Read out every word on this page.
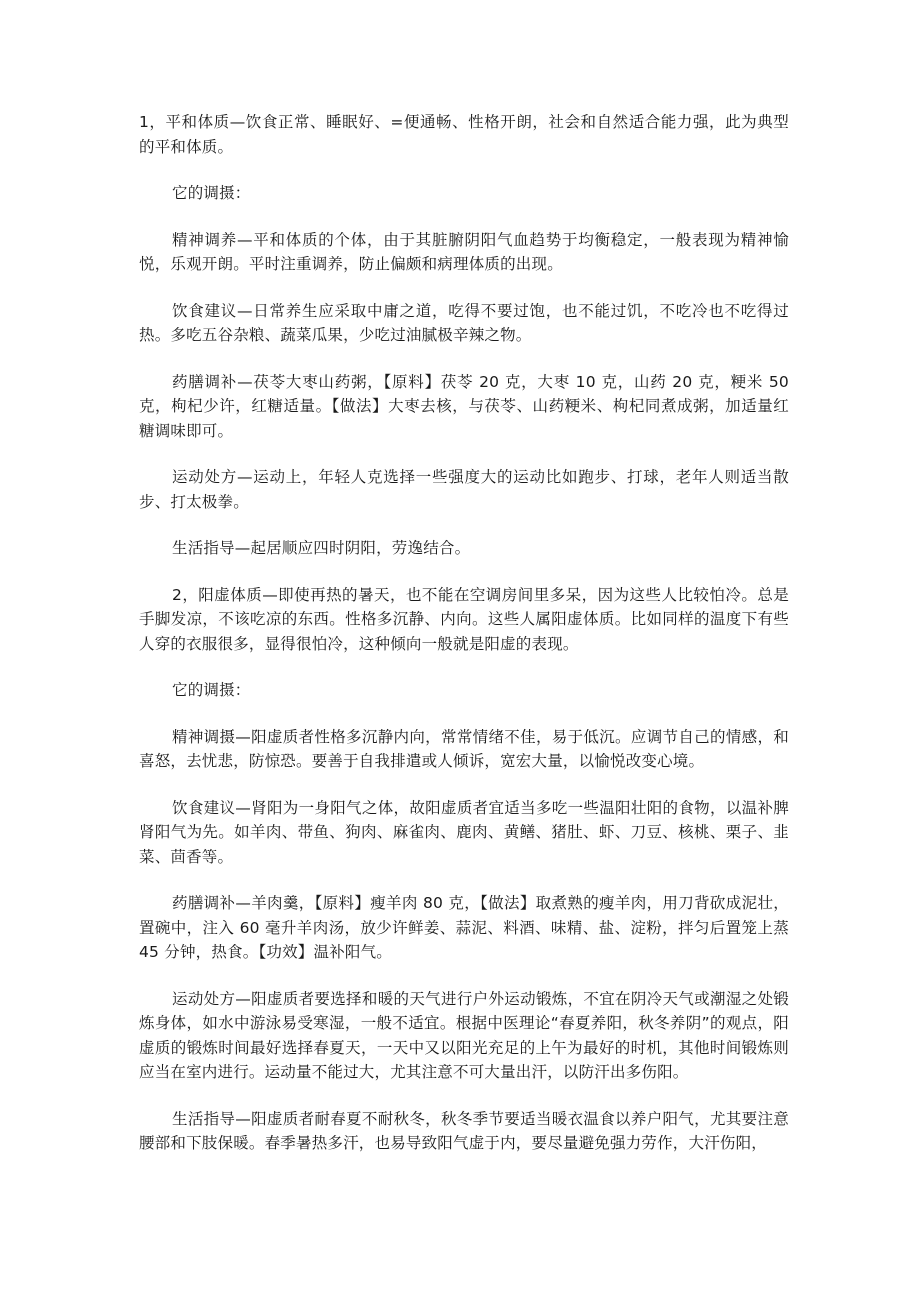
1，平和体质—饮食正常、睡眠好、=便通畅、性格开朗，社会和自然适合能力强，此为典型的平和体质。

它的调摄：

精神调养—平和体质的个体，由于其脏腑阴阳气血趋势于均衡稳定，一般表现为精神愉悦，乐观开朗。平时注重调养，防止偏颇和病理体质的出现。

饮食建议—日常养生应采取中庸之道，吃得不要过饱，也不能过饥，不吃冷也不吃得过热。多吃五谷杂粮、蔬菜瓜果，少吃过油腻极辛辣之物。

药膳调补—茯苓大枣山药粥，【原料】茯苓 20 克，大枣 10 克，山药 20 克，粳米 50 克，枸杞少许，红糖适量。【做法】大枣去核，与茯苓、山药粳米、枸杞同煮成粥，加适量红糖调味即可。

运动处方—运动上，年轻人克选择一些强度大的运动比如跑步、打球，老年人则适当散步、打太极拳。

生活指导—起居顺应四时阴阳，劳逸结合。

2，阳虚体质—即使再热的暑天，也不能在空调房间里多呆，因为这些人比较怕冷。总是手脚发凉，不该吃凉的东西。性格多沉静、内向。这些人属阳虚体质。比如同样的温度下有些人穿的衣服很多，显得很怕冷，这种倾向一般就是阳虚的表现。

它的调摄：

精神调摄—阳虚质者性格多沉静内向，常常情绪不佳，易于低沉。应调节自己的情感，和喜怒，去忧悲，防惊恐。要善于自我排遣或人倾诉，宽宏大量，以愉悦改变心境。

饮食建议—肾阳为一身阳气之体，故阳虚质者宜适当多吃一些温阳壮阳的食物，以温补脾肾阳气为先。如羊肉、带鱼、狗肉、麻雀肉、鹿肉、黄鳝、猪肚、虾、刀豆、核桃、栗子、韭菜、茴香等。

药膳调补—羊肉羹，【原料】瘦羊肉 80 克，【做法】取煮熟的瘦羊肉，用刀背砍成泥壮，置碗中，注入 60 毫升羊肉汤，放少许鲜姜、蒜泥、料酒、味精、盐、淀粉，拌匀后置笼上蒸 45 分钟，热食。【功效】温补阳气。

运动处方—阳虚质者要选择和暖的天气进行户外运动锻炼，不宜在阴冷天气或潮湿之处锻炼身体，如水中游泳易受寒湿，一般不适宜。根据中医理论“春夏养阳，秋冬养阴”的观点，阳虚质的锻炼时间最好选择春夏天，一天中又以阳光充足的上午为最好的时机，其他时间锻炼则应当在室内进行。运动量不能过大，尤其注意不可大量出汗，以防汗出多伤阳。

生活指导—阳虚质者耐春夏不耐秋冬，秋冬季节要适当暖衣温食以养户阳气，尤其要注意腰部和下肢保暖。春季暑热多汗，也易导致阳气虚于内，要尽量避免强力劳作，大汗伤阳，
